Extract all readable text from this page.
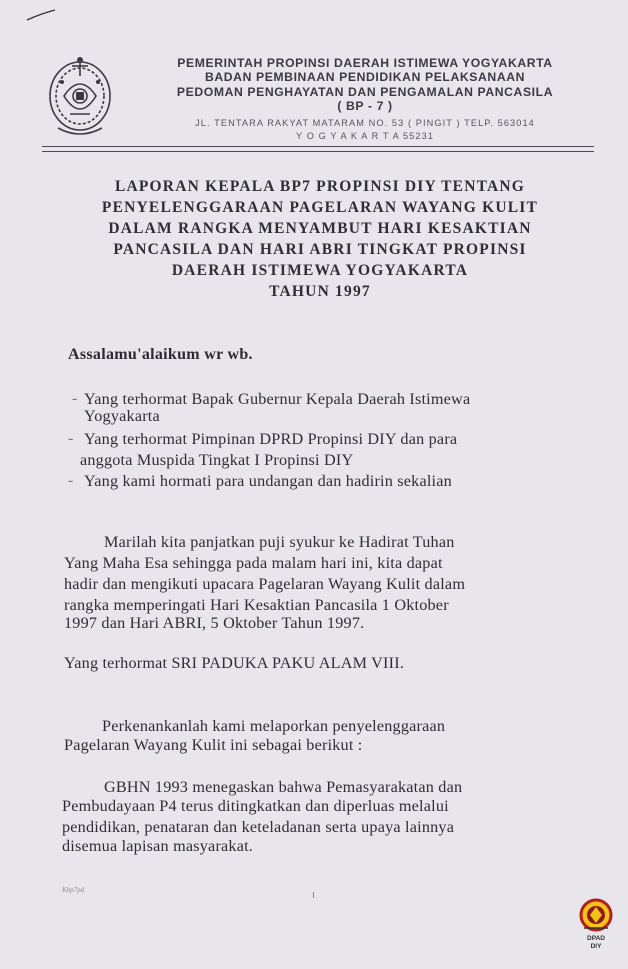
PEMERINTAH PROPINSI DAERAH ISTIMEWA YOGYAKARTA
BADAN PEMBINAAN PENDIDIKAN PELAKSANAAN
PEDOMAN PENGHAYATAN DAN PENGAMALAN PANCASILA
( BP - 7 )
JL. TENTARA RAKYAT MATARAM NO. 53 ( PINGIT ) TELP. 563014
Y O G Y A K A R T A 55231
LAPORAN KEPALA BP7 PROPINSI DIY TENTANG
PENYELENGGARAAN PAGELARAN WAYANG KULIT
DALAM RANGKA MENYAMBUT HARI KESAKTIAN
PANCASILA DAN HARI ABRI TINGKAT PROPINSI
DAERAH ISTIMEWA YOGYAKARTA
TAHUN 1997
Assalamu'alaikum wr wb.
- Yang terhormat Bapak Gubernur Kepala Daerah Istimewa
Yogyakarta
- Yang terhormat Pimpinan DPRD Propinsi DIY dan para
anggota Muspida Tingkat I Propinsi DIY
- Yang kami hormati para undangan dan hadirin sekalian
Marilah kita panjatkan puji syukur ke Hadirat Tuhan
Yang Maha Esa sehingga pada malam hari ini, kita dapat
hadir dan mengikuti upacara Pagelaran Wayang Kulit dalam
rangka memperingati Hari Kesaktian Pancasila 1 Oktober
1997 dan Hari ABRI, 5 Oktober Tahun 1997.
Yang terhormat SRI PADUKA PAKU ALAM VIII.
Perkenankanlah kami melaporkan penyelenggaraan
Pagelaran Wayang Kulit ini sebagai berikut :
GBHN 1993 menegaskan bahwa Pemasyarakatan dan
Pembudayaan P4 terus ditingkatkan dan diperluas melalui
pendidikan, penataran dan keteladanan serta upaya lainnya
disemua lapisan masyarakat.
Kbp7pd
DPAD
DIY
